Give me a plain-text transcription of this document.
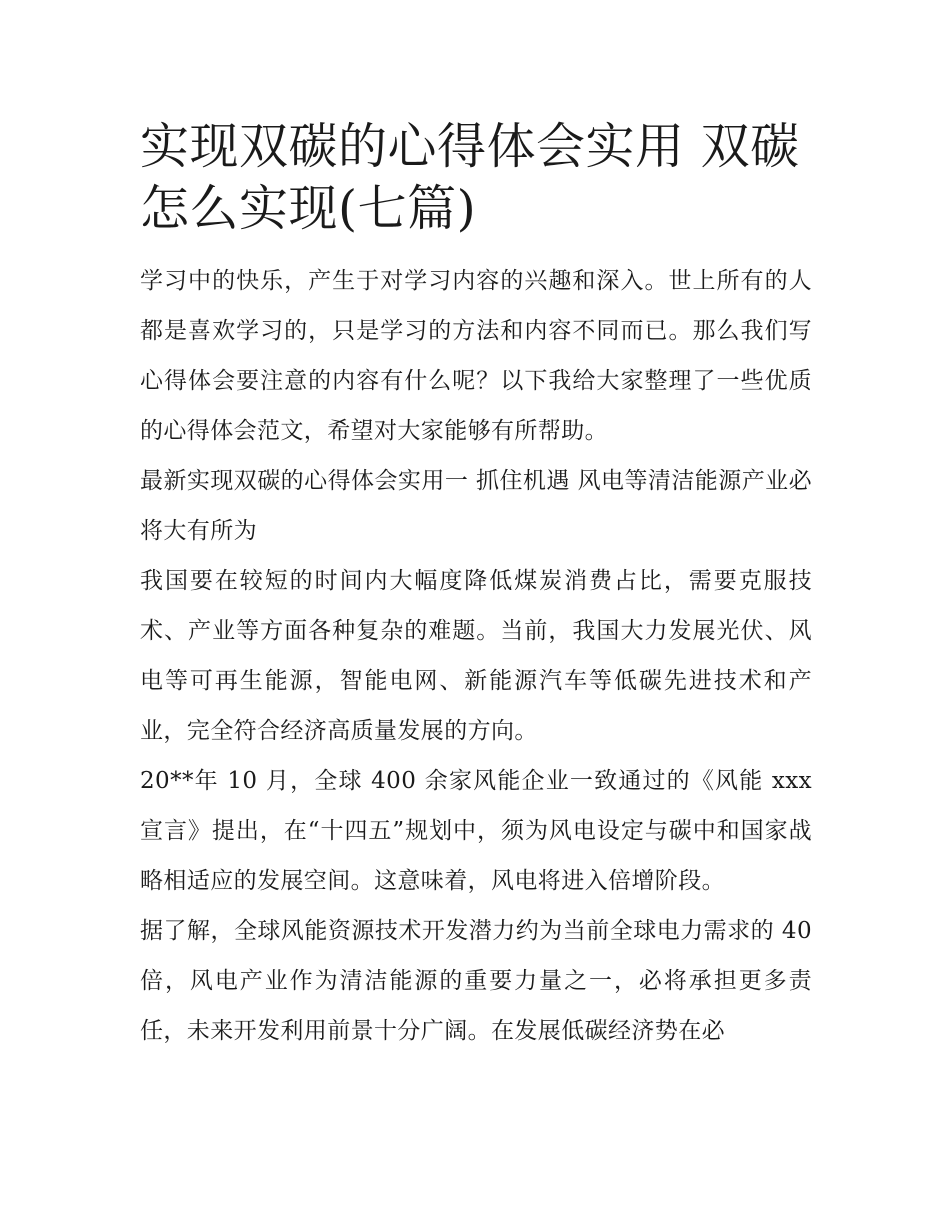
实现双碳的心得体会实用 双碳怎么实现(七篇)

学习中的快乐，产生于对学习内容的兴趣和深入。世上所有的人都是喜欢学习的，只是学习的方法和内容不同而已。那么我们写心得体会要注意的内容有什么呢？以下我给大家整理了一些优质的心得体会范文，希望对大家能够有所帮助。

最新实现双碳的心得体会实用一 抓住机遇 风电等清洁能源产业必将大有所为

我国要在较短的时间内大幅度降低煤炭消费占比，需要克服技术、产业等方面各种复杂的难题。当前，我国大力发展光伏、风电等可再生能源，智能电网、新能源汽车等低碳先进技术和产业，完全符合经济高质量发展的方向。

20**年 10 月，全球 400 余家风能企业一致通过的《风能 xxx 宣言》提出，在“十四五”规划中，须为风电设定与碳中和国家战略相适应的发展空间。这意味着，风电将进入倍增阶段。

据了解，全球风能资源技术开发潜力约为当前全球电力需求的 40 倍，风电产业作为清洁能源的重要力量之一，必将承担更多责任，未来开发利用前景十分广阔。在发展低碳经济势在必
